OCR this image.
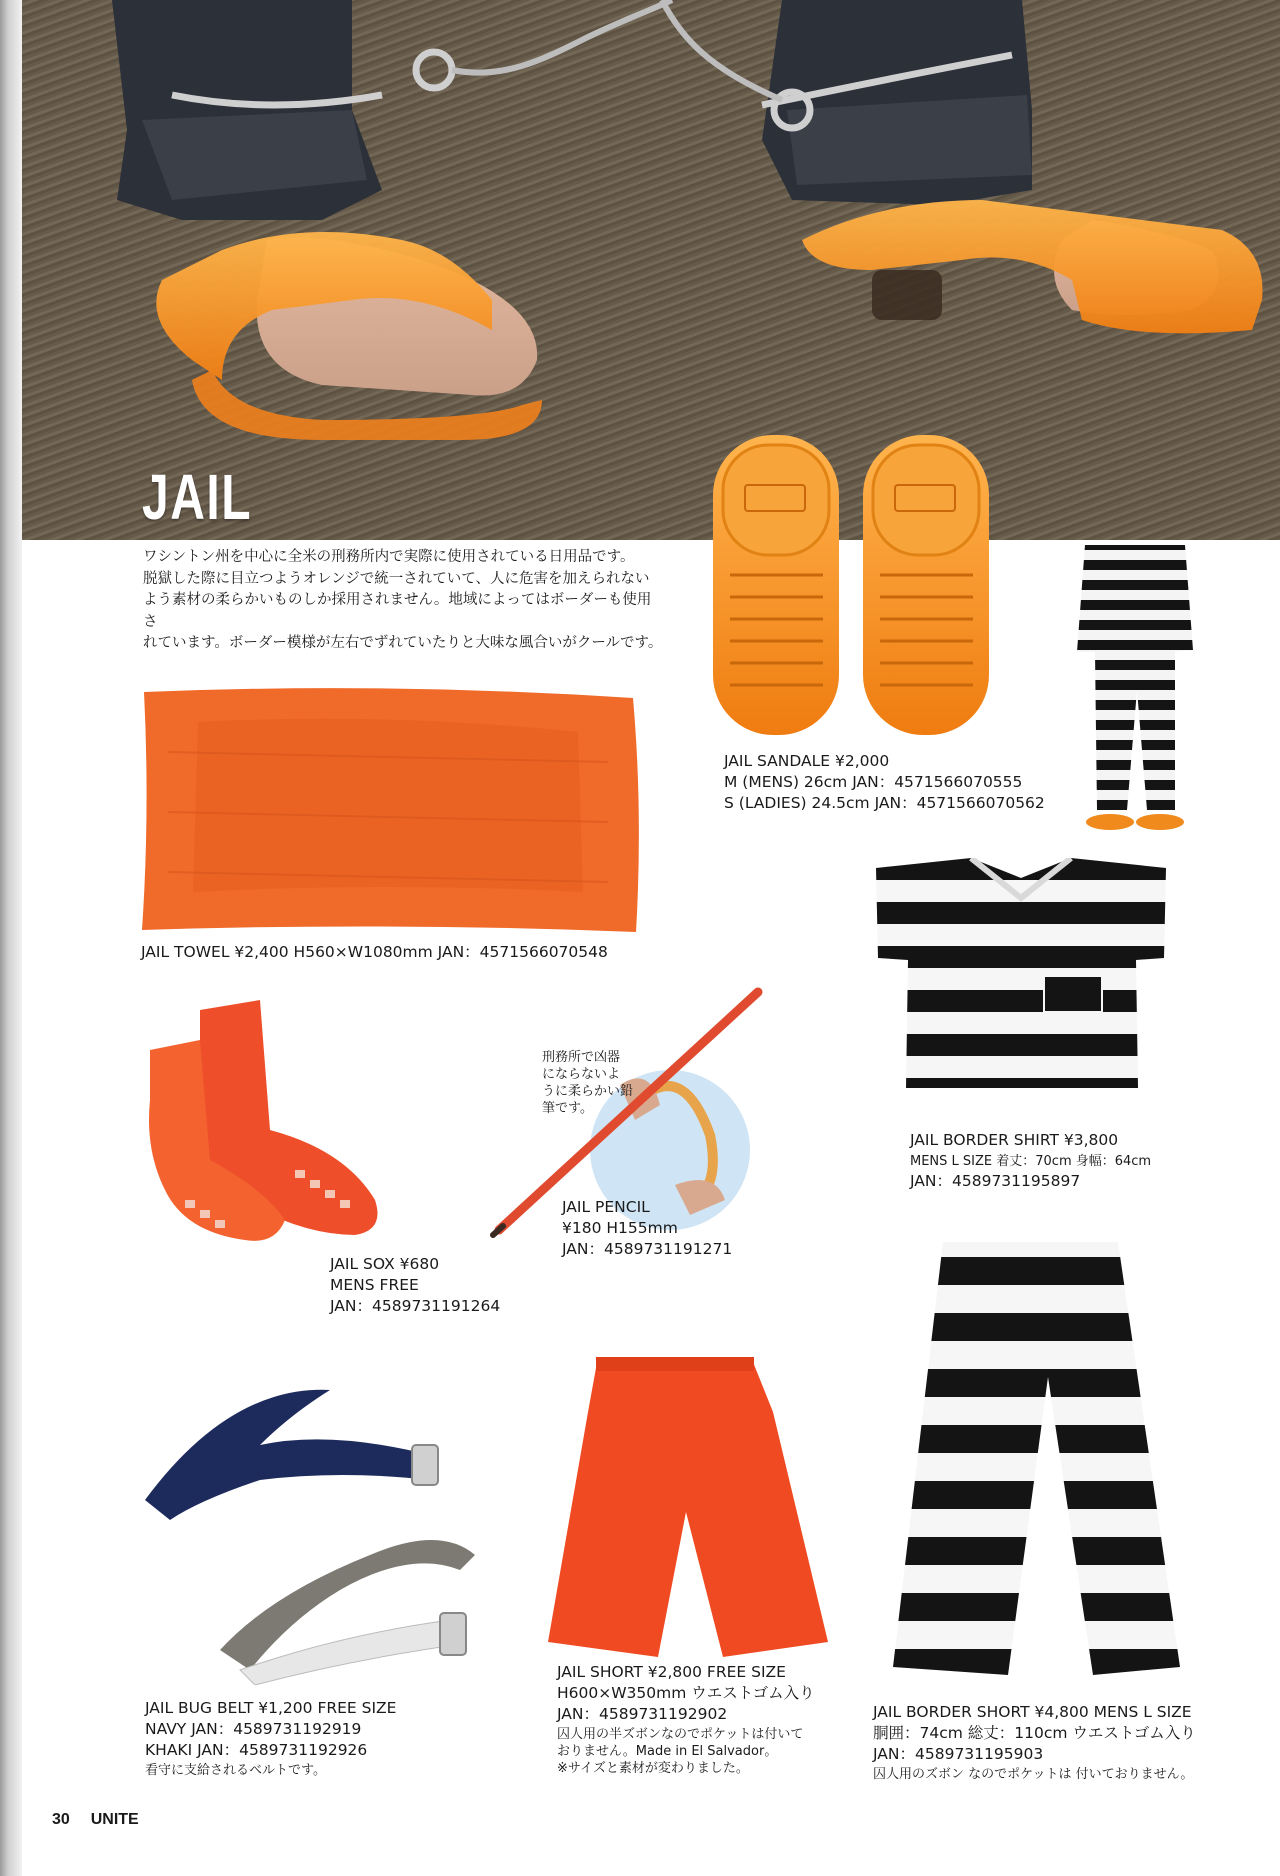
JAIL
ワシントン州を中心に全米の刑務所内で実際に使用されている日用品です。
脱獄した際に目立つようオレンジで統一されていて、人に危害を加えられない
よう素材の柔らかいものしか採用されません。地域によってはボーダーも使用さ
れています。ボーダー模様が左右でずれていたりと大味な風合いがクールです。
JAIL SANDALE ¥2,000
M (MENS) 26cm JAN：4571566070555
S (LADIES) 24.5cm JAN：4571566070562
JAIL TOWEL ¥2,400 H560×W1080mm JAN：4571566070548
JAIL BORDER SHIRT ¥3,800
MENS L SIZE 着丈：70cm 身幅：64cm
JAN：4589731195897
JAIL SOX ¥680
MENS FREE
JAN：4589731191264
刑務所で凶器
にならないよ
うに柔らかい鉛
筆です。
JAIL PENCIL
¥180 H155mm
JAN：4589731191271
JAIL BUG BELT ¥1,200 FREE SIZE
NAVY JAN：4589731192919
KHAKI JAN：4589731192926
看守に支給されるベルトです。
JAIL SHORT ¥2,800 FREE SIZE
H600×W350mm ウエストゴム入り
JAN：4589731192902
囚人用の半ズボンなのでポケットは付いて
おりません。Made in El Salvador。
※サイズと素材が変わりました。
JAIL BORDER SHORT ¥4,800 MENS L SIZE
胴囲：74cm 総丈：110cm ウエストゴム入り
JAN：4589731195903
囚人用のズボン なのでポケットは 付いておりません。
30 UNITE
